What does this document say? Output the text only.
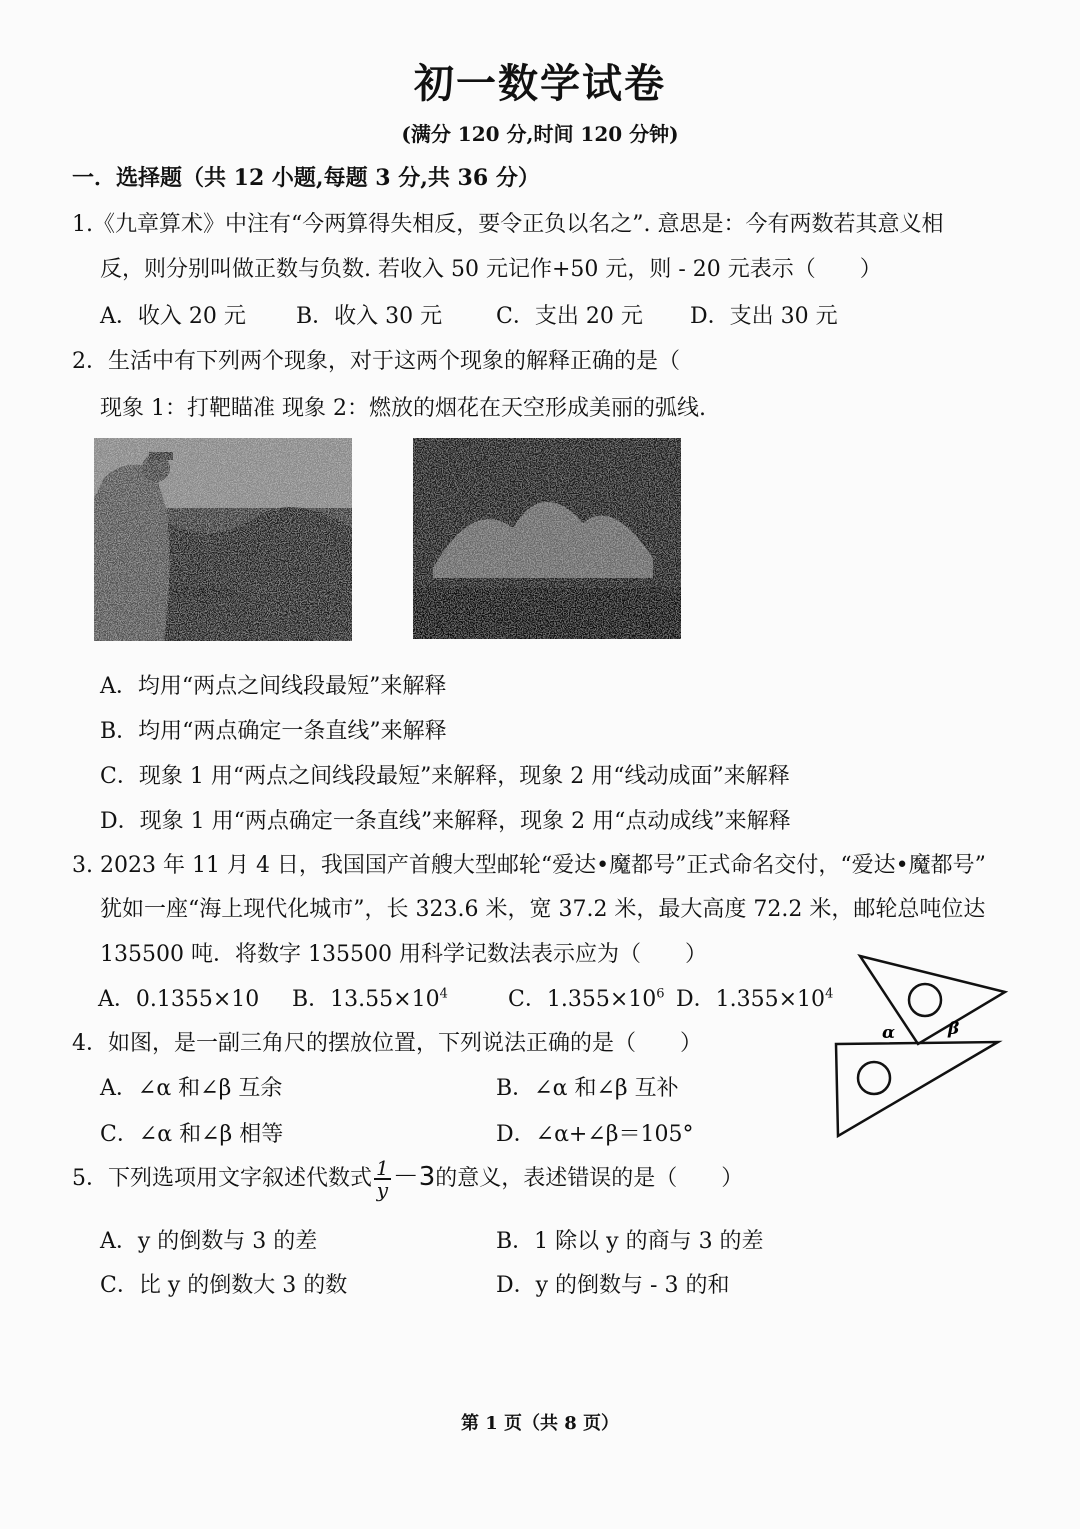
初一数学试卷
(满分 120 分,时间 120 分钟)
一．选择题（共 12 小题,每题 3 分,共 36 分）
1.《九章算术》中注有“今两算得失相反，要令正负以名之”. 意思是：今有两数若其意义相
反，则分别叫做正数与负数. 若收入 50 元记作+50 元，则 - 20 元表示（　　）
A．收入 20 元 B．收入 30 元 C．支出 20 元 D．支出 30 元
2．生活中有下列两个现象，对于这两个现象的解释正确的是（
现象 1：打靶瞄准 现象 2：燃放的烟花在天空形成美丽的弧线.
A．均用“两点之间线段最短”来解释
B．均用“两点确定一条直线”来解释
C．现象 1 用“两点之间线段最短”来解释，现象 2 用“线动成面”来解释
D．现象 1 用“两点确定一条直线”来解释，现象 2 用“点动成线”来解释
3. 2023 年 11 月 4 日，我国国产首艘大型邮轮“爱达•魔都号”正式命名交付，“爱达•魔都号”
犹如一座“海上现代化城市”，长 323.6 米，宽 37.2 米，最大高度 72.2 米，邮轮总吨位达
135500 吨．将数字 135500 用科学记数法表示应为（　　）
A．0.1355×10 B．$13.55\times 10^4$	C．$1.355\times 10^6$ D．$1.355\times 10^4$
α	β
4．如图，是一副三角尺的摆放位置，下列说法正确的是（　　）
A．∠α 和∠β 互余	B．∠α 和∠β 互补
C．∠α 和∠β 相等	D．∠α+∠β＝105°
5．下列选项用文字叙述代数式 $\frac{1}{y} -3$的意义，表述错误的是（　　）
A．y 的倒数与 3 的差	B．1 除以 y 的商与 3 的差
C．比 y 的倒数大 3 的数	D．y 的倒数与 - 3 的和
第 1 页（共 8 页）
